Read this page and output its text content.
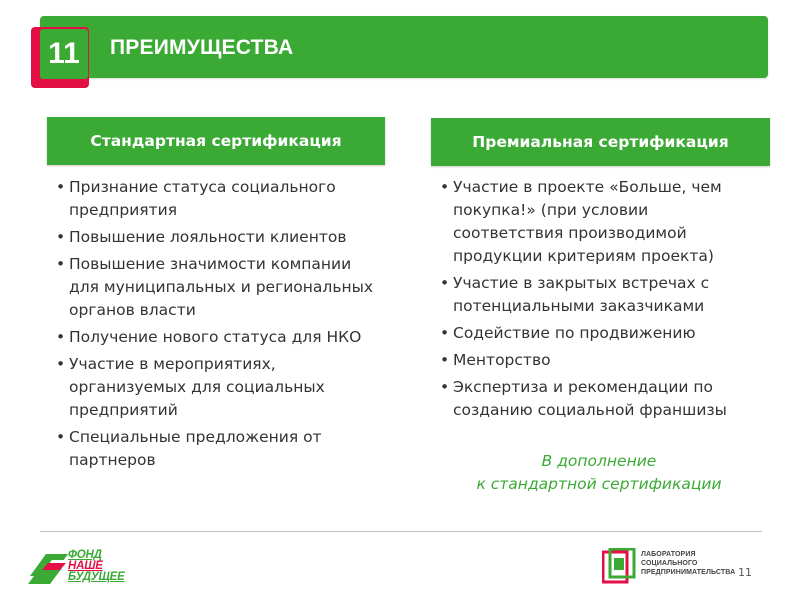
ПРЕИМУЩЕСТВА
11
Стандартная сертификация	Премиальная сертификация
• Признание статуса социального предприятия
• Повышение лояльности клиентов
• Повышение значимости компании для муниципальных и региональных органов власти
• Получение нового статуса для НКО
• Участие в мероприятиях, организуемых для социальных предприятий
• Специальные предложения от партнеров
• Участие в проекте «Больше, чем покупка!» (при условии соответствия производимой продукции критериям проекта)
• Участие в закрытых встречах с потенциальными заказчиками
• Содействие по продвижению
• Менторство
• Экспертиза и рекомендации по созданию социальной франшизы
В дополнение
к стандартной сертификации
ФОНД
НАШЕ
БУДУЩЕЕ
ЛАБОРАТОРИЯ
СОЦИАЛЬНОГО
ПРЕДПРИНИМАТЕЛЬСТВА 11
